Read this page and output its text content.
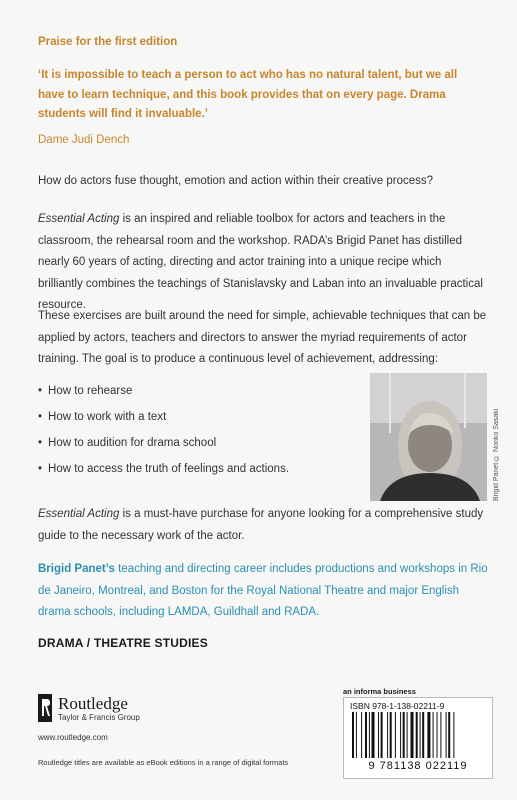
Praise for the first edition
‘It is impossible to teach a person to act who has no natural talent, but we all have to learn technique, and this book provides that on every page. Drama students will find it invaluable.’
Dame Judi Dench
How do actors fuse thought, emotion and action within their creative process?
Essential Acting is an inspired and reliable toolbox for actors and teachers in the classroom, the rehearsal room and the workshop. RADA’s Brigid Panet has distilled nearly 60 years of acting, directing and actor training into a unique recipe which brilliantly combines the teachings of Stanislavsky and Laban into an invaluable practical resource.
These exercises are built around the need for simple, achievable techniques that can be applied by actors, teachers and directors to answer the myriad requirements of actor training. The goal is to produce a continuous level of achievement, addressing:
• How to rehearse
• How to work with a text
• How to audition for drama school
• How to access the truth of feelings and actions.	Brigid Panet © Noriko Sasaki
Essential Acting is a must-have purchase for anyone looking for a comprehensive study guide to the necessary work of the actor.
Brigid Panet’s teaching and directing career includes productions and workshops in Rio de Janeiro, Montreal, and Boston for the Royal National Theatre and major English drama schools, including LAMDA, Guildhall and RADA.
DRAMA / THEATRE STUDIES
Routledge
Taylor & Francis Group
www.routledge.com
Routledge titles are available as eBook editions in a range of digital formats
an informa business
ISBN 978-1-138-02211-9
9 781138 022119
